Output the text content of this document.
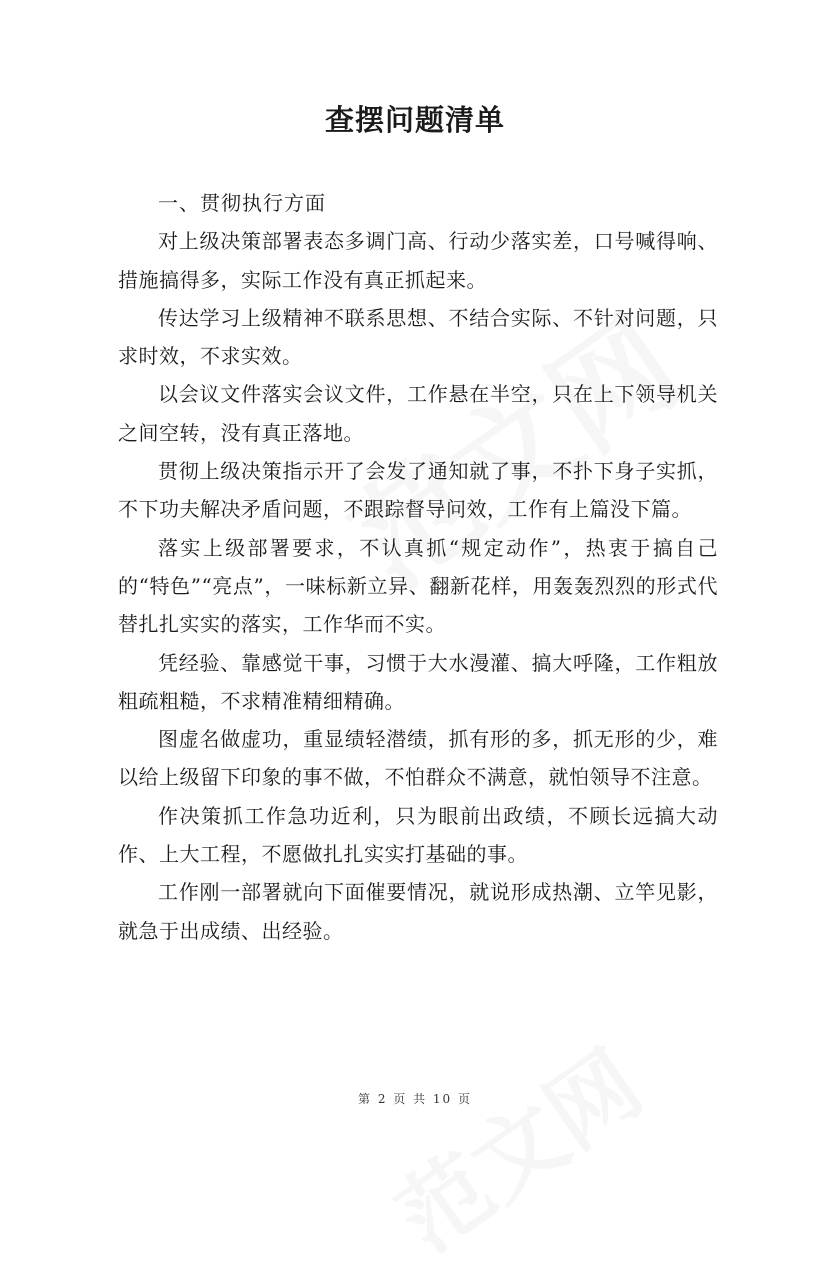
查摆问题清单

一、贯彻执行方面

对上级决策部署表态多调门高、行动少落实差，口号喊得响、措施搞得多，实际工作没有真正抓起来。

传达学习上级精神不联系思想、不结合实际、不针对问题，只求时效，不求实效。

以会议文件落实会议文件，工作悬在半空，只在上下领导机关之间空转，没有真正落地。

贯彻上级决策指示开了会发了通知就了事，不扑下身子实抓，不下功夫解决矛盾问题，不跟踪督导问效，工作有上篇没下篇。

落实上级部署要求，不认真抓“规定动作”，热衷于搞自己的“特色”“亮点”，一味标新立异、翻新花样，用轰轰烈烈的形式代替扎扎实实的落实，工作华而不实。

凭经验、靠感觉干事，习惯于大水漫灌、搞大呼隆，工作粗放粗疏粗糙，不求精准精细精确。

图虚名做虚功，重显绩轻潜绩，抓有形的多，抓无形的少，难以给上级留下印象的事不做，不怕群众不满意，就怕领导不注意。

作决策抓工作急功近利，只为眼前出政绩，不顾长远搞大动作、上大工程，不愿做扎扎实实打基础的事。

工作刚一部署就向下面催要情况，就说形成热潮、立竿见影，就急于出成绩、出经验。

第 2 页 共 10 页
